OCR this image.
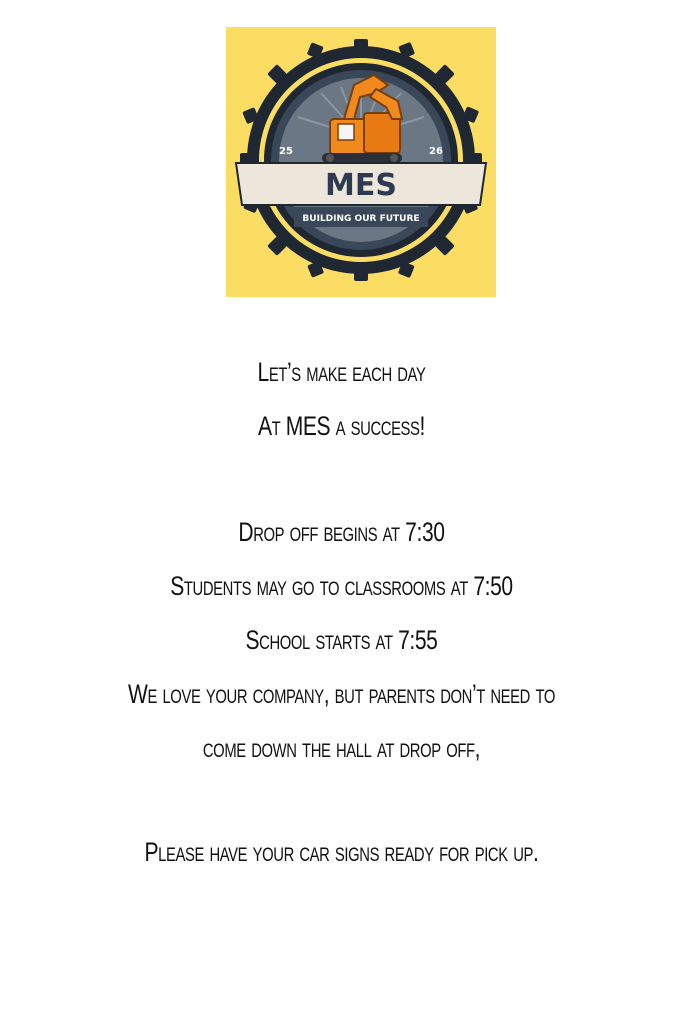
25	26
MES
BUILDING OUR FUTURE
Let’s make each day
At MES a success!
Drop off begins at 7:30
Students may go to classrooms at 7:50
School starts at 7:55
We love your company, but parents don’t need to
come down the hall at drop off,
Please have your car signs ready for pick up.
